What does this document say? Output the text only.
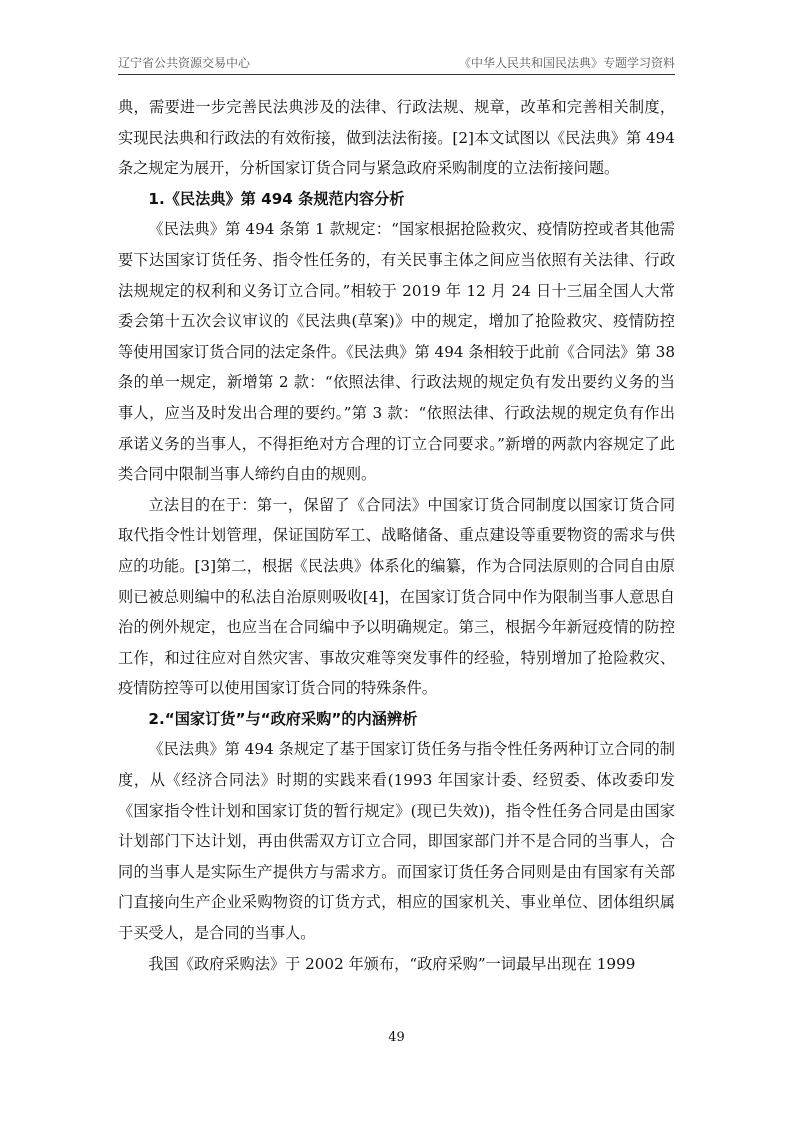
辽宁省公共资源交易中心	《中华人民共和国民法典》专题学习资料

典，需要进一步完善民法典涉及的法律、行政法规、规章，改革和完善相关制度，实现民法典和行政法的有效衔接，做到法法衔接。[2]本文试图以《民法典》第 494 条之规定为展开，分析国家订货合同与紧急政府采购制度的立法衔接问题。

1.《民法典》第 494 条规范内容分析

《民法典》第 494 条第 1 款规定：“国家根据抢险救灾、疫情防控或者其他需要下达国家订货任务、指令性任务的，有关民事主体之间应当依照有关法律、行政法规规定的权利和义务订立合同。”相较于 2019 年 12 月 24 日十三届全国人大常委会第十五次会议审议的《民法典(草案)》中的规定，增加了抢险救灾、疫情防控等使用国家订货合同的法定条件。《民法典》第 494 条相较于此前《合同法》第 38 条的单一规定，新增第 2 款：“依照法律、行政法规的规定负有发出要约义务的当事人，应当及时发出合理的要约。”第 3 款：“依照法律、行政法规的规定负有作出承诺义务的当事人，不得拒绝对方合理的订立合同要求。”新增的两款内容规定了此类合同中限制当事人缔约自由的规则。

立法目的在于：第一，保留了《合同法》中国家订货合同制度以国家订货合同取代指令性计划管理，保证国防军工、战略储备、重点建设等重要物资的需求与供应的功能。[3]第二，根据《民法典》体系化的编纂，作为合同法原则的合同自由原则已被总则编中的私法自治原则吸收[4]，在国家订货合同中作为限制当事人意思自治的例外规定，也应当在合同编中予以明确规定。第三，根据今年新冠疫情的防控工作，和过往应对自然灾害、事故灾难等突发事件的经验，特别增加了抢险救灾、疫情防控等可以使用国家订货合同的特殊条件。

2.“国家订货”与“政府采购”的内涵辨析

《民法典》第 494 条规定了基于国家订货任务与指令性任务两种订立合同的制度，从《经济合同法》时期的实践来看(1993 年国家计委、经贸委、体改委印发《国家指令性计划和国家订货的暂行规定》(现已失效))，指令性任务合同是由国家计划部门下达计划，再由供需双方订立合同，即国家部门并不是合同的当事人，合同的当事人是实际生产提供方与需求方。而国家订货任务合同则是由有国家有关部门直接向生产企业采购物资的订货方式，相应的国家机关、事业单位、团体组织属于买受人，是合同的当事人。

我国《政府采购法》于 2002 年颁布，“政府采购”一词最早出现在 1999

49
